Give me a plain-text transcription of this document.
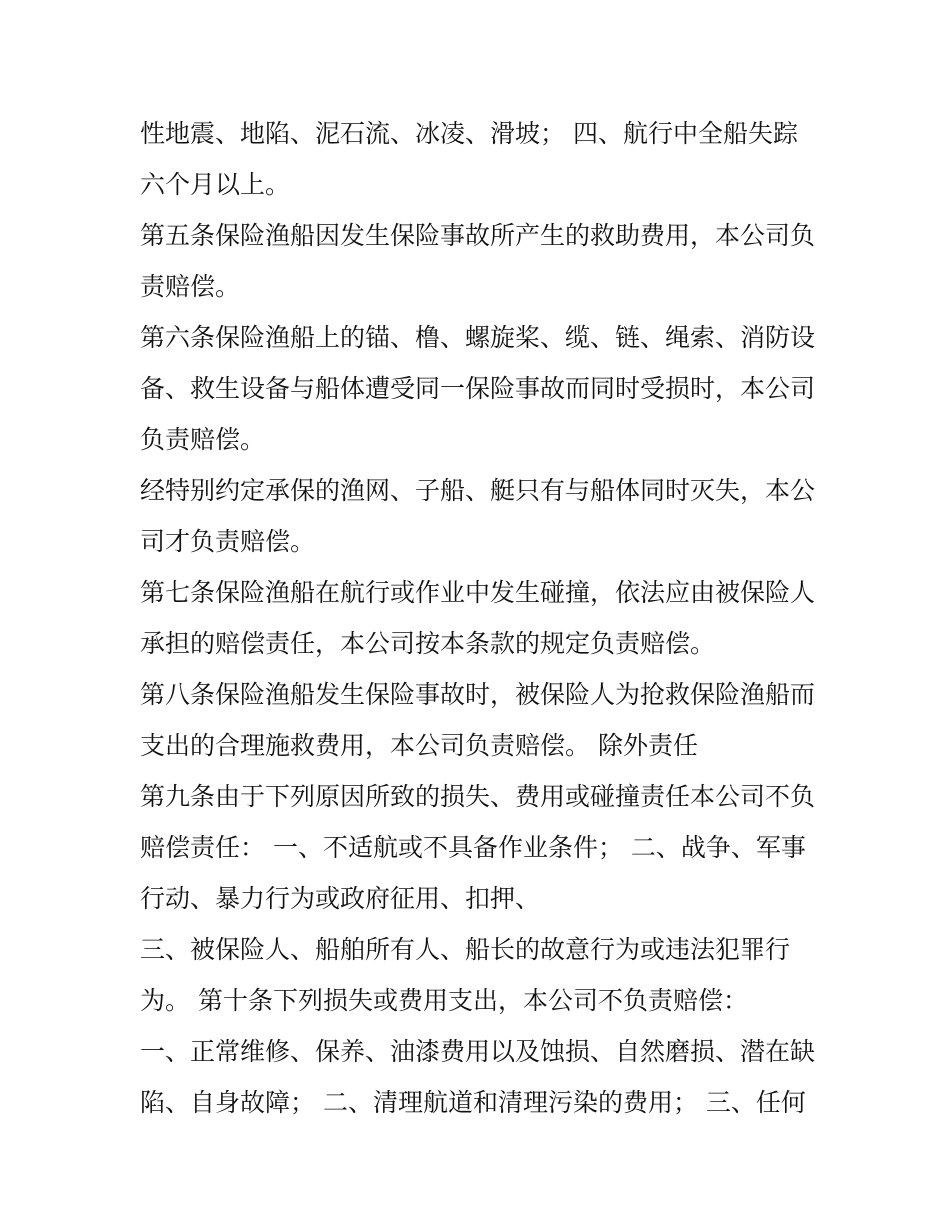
性地震、地陷、泥石流、冰凌、滑坡； 四、航行中全船失踪
六个月以上。
第五条保险渔船因发生保险事故所产生的救助费用，本公司负
责赔偿。
第六条保险渔船上的锚、橹、螺旋桨、缆、链、绳索、消防设
备、救生设备与船体遭受同一保险事故而同时受损时，本公司
负责赔偿。
经特别约定承保的渔网、子船、艇只有与船体同时灭失，本公
司才负责赔偿。
第七条保险渔船在航行或作业中发生碰撞，依法应由被保险人
承担的赔偿责任，本公司按本条款的规定负责赔偿。
第八条保险渔船发生保险事故时，被保险人为抢救保险渔船而
支出的合理施救费用，本公司负责赔偿。 除外责任
第九条由于下列原因所致的损失、费用或碰撞责任本公司不负
赔偿责任： 一、不适航或不具备作业条件； 二、战争、军事
行动、暴力行为或政府征用、扣押、
三、被保险人、船舶所有人、船长的故意行为或违法犯罪行
为。 第十条下列损失或费用支出，本公司不负责赔偿：
一、正常维修、保养、油漆费用以及蚀损、自然磨损、潜在缺
陷、自身故障； 二、清理航道和清理污染的费用； 三、任何
